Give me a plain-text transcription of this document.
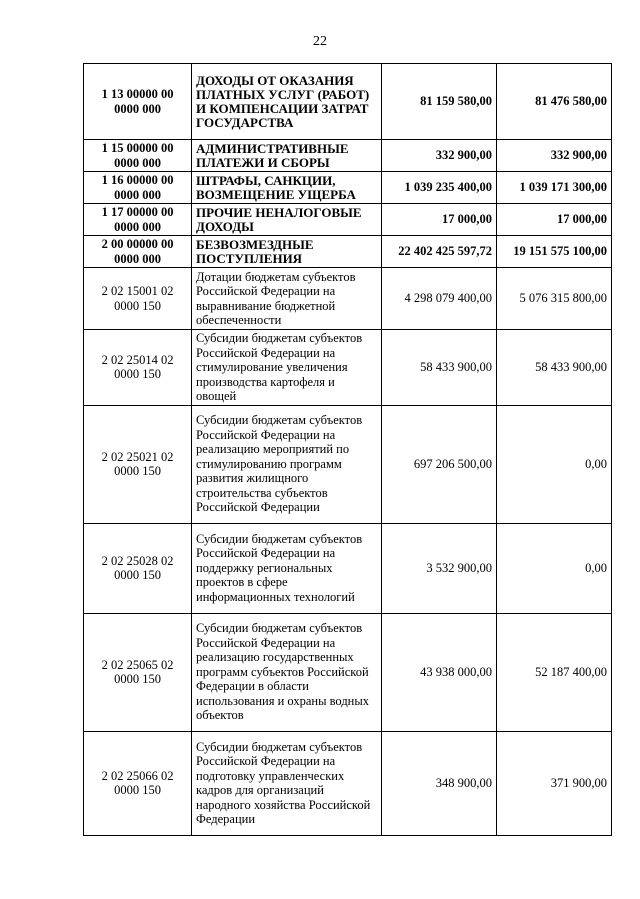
22
1 13 00000 00 0000 000	ДОХОДЫ ОТ ОКАЗАНИЯ ПЛАТНЫХ УСЛУГ (РАБОТ) И КОМПЕНСАЦИИ ЗАТРАТ ГОСУДАРСТВА	81 159 580,00	81 476 580,00
1 15 00000 00 0000 000	АДМИНИСТРАТИВНЫЕ ПЛАТЕЖИ И СБОРЫ	332 900,00	332 900,00
1 16 00000 00 0000 000	ШТРАФЫ, САНКЦИИ, ВОЗМЕЩЕНИЕ УЩЕРБА	1 039 235 400,00	1 039 171 300,00
1 17 00000 00 0000 000	ПРОЧИЕ НЕНАЛОГОВЫЕ ДОХОДЫ	17 000,00	17 000,00
2 00 00000 00 0000 000	БЕЗВОЗМЕЗДНЫЕ ПОСТУПЛЕНИЯ	22 402 425 597,72	19 151 575 100,00
2 02 15001 02 0000 150	Дотации бюджетам субъектов Российской Федерации на выравнивание бюджетной обеспеченности	4 298 079 400,00	5 076 315 800,00
2 02 25014 02 0000 150	Субсидии бюджетам субъектов Российской Федерации на стимулирование увеличения производства картофеля и овощей	58 433 900,00	58 433 900,00
2 02 25021 02 0000 150	Субсидии бюджетам субъектов Российской Федерации на реализацию мероприятий по стимулированию программ развития жилищного строительства субъектов Российской Федерации	697 206 500,00	0,00
2 02 25028 02 0000 150	Субсидии бюджетам субъектов Российской Федерации на поддержку региональных проектов в сфере информационных технологий	3 532 900,00	0,00
2 02 25065 02 0000 150	Субсидии бюджетам субъектов Российской Федерации на реализацию государственных программ субъектов Российской Федерации в области использования и охраны водных объектов	43 938 000,00	52 187 400,00
2 02 25066 02 0000 150	Субсидии бюджетам субъектов Российской Федерации на подготовку управленческих кадров для организаций народного хозяйства Российской Федерации	348 900,00	371 900,00
